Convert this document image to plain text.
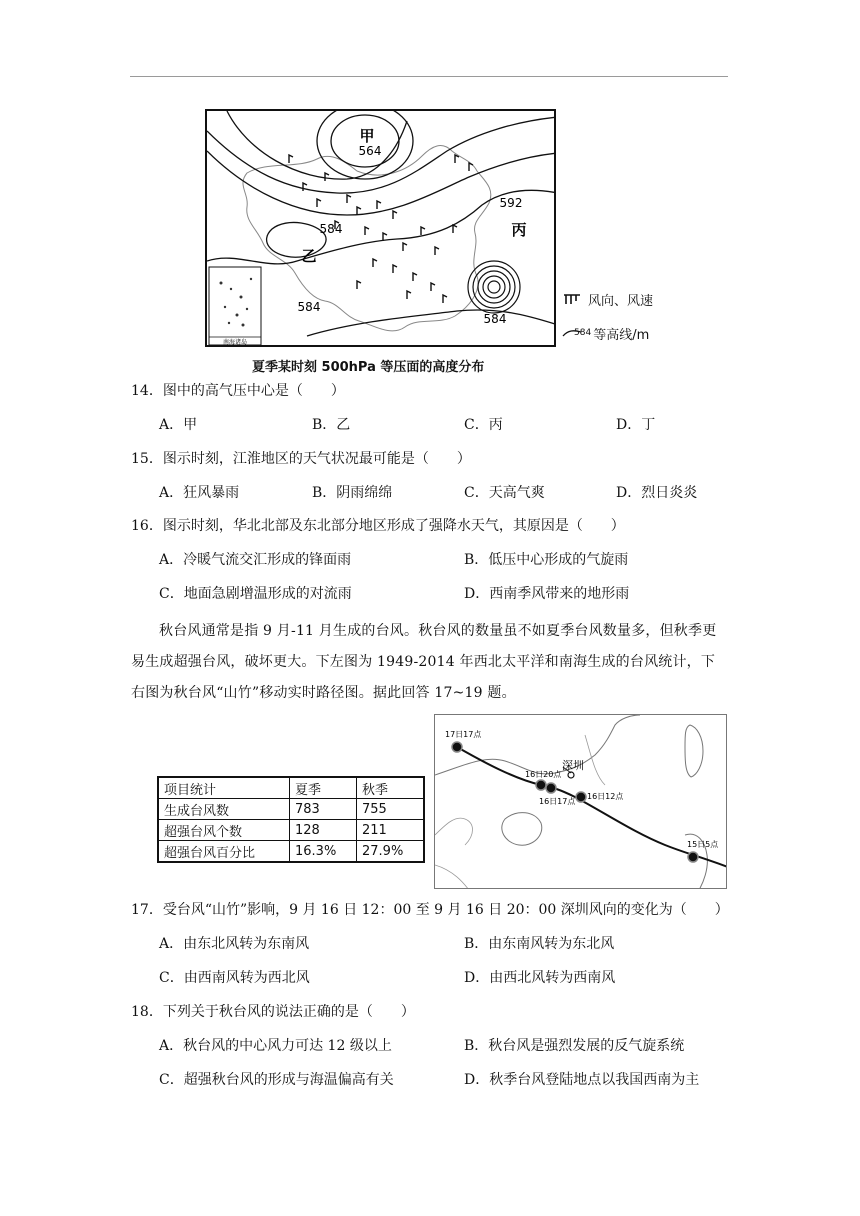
南海诸岛
甲
564
乙
584
584
592
丙
584
风向、风速
584 等高线/m
夏季某时刻 500hPa 等压面的高度分布
14．图中的高气压中心是（　　）
A．甲	B．乙	C．丙	D．丁
15．图示时刻，江淮地区的天气状况最可能是（　　）
A．狂风暴雨	B．阴雨绵绵	C．天高气爽	D．烈日炎炎
16．图示时刻，华北北部及东北部分地区形成了强降水天气，其原因是（　　）
A．冷暖气流交汇形成的锋面雨	B．低压中心形成的气旋雨
C．地面急剧增温形成的对流雨	D．西南季风带来的地形雨
秋台风通常是指 9 月-11 月生成的台风。秋台风的数量虽不如夏季台风数量多，但秋季更易生成超强台风，破坏更大。下左图为 1949-2014 年西北太平洋和南海生成的台风统计，下右图为秋台风“山竹”移动实时路径图。据此回答 17~19 题。
项目统计	夏季	秋季
生成台风数	783	755
超强台风个数	128	211
超强台风百分比	16.3%	27.9%
深圳
17日17点
16日20点
16日17点
16日12点
15日5点
17．受台风“山竹”影响，9 月 16 日 12：00 至 9 月 16 日 20：00 深圳风向的变化为（　　）
A．由东北风转为东南风	B．由东南风转为东北风
C．由西南风转为西北风	D．由西北风转为西南风
18．下列关于秋台风的说法正确的是（　　）
A．秋台风的中心风力可达 12 级以上	B．秋台风是强烈发展的反气旋系统
C．超强秋台风的形成与海温偏高有关	D．秋季台风登陆地点以我国西南为主
